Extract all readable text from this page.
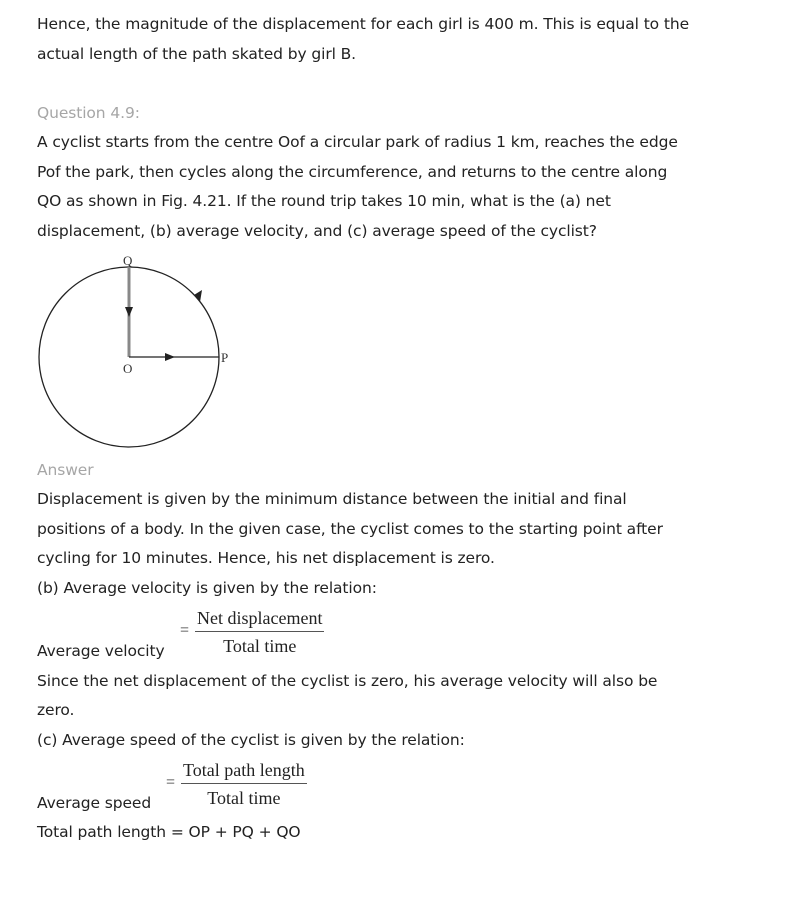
Hence, the magnitude of the displacement for each girl is 400 m. This is equal to the
actual length of the path skated by girl B.
Question 4.9:
A cyclist starts from the centre Oof a circular park of radius 1 km, reaches the edge
Pof the park, then cycles along the circumference, and returns to the centre along
QO as shown in Fig. 4.21. If the round trip takes 10 min, what is the (a) net
displacement, (b) average velocity, and (c) average speed of the cyclist?
Q
O
P
Answer
Displacement is given by the minimum distance between the initial and final
positions of a body. In the given case, the cyclist comes to the starting point after
cycling for 10 minutes. Hence, his net displacement is zero.
(b) Average velocity is given by the relation:
Average velocity
=
Net displacement
Total time
Since the net displacement of the cyclist is zero, his average velocity will also be
zero.
(c) Average speed of the cyclist is given by the relation:
Average speed
=
Total path length
Total time
Total path length = OP + PQ + QO
